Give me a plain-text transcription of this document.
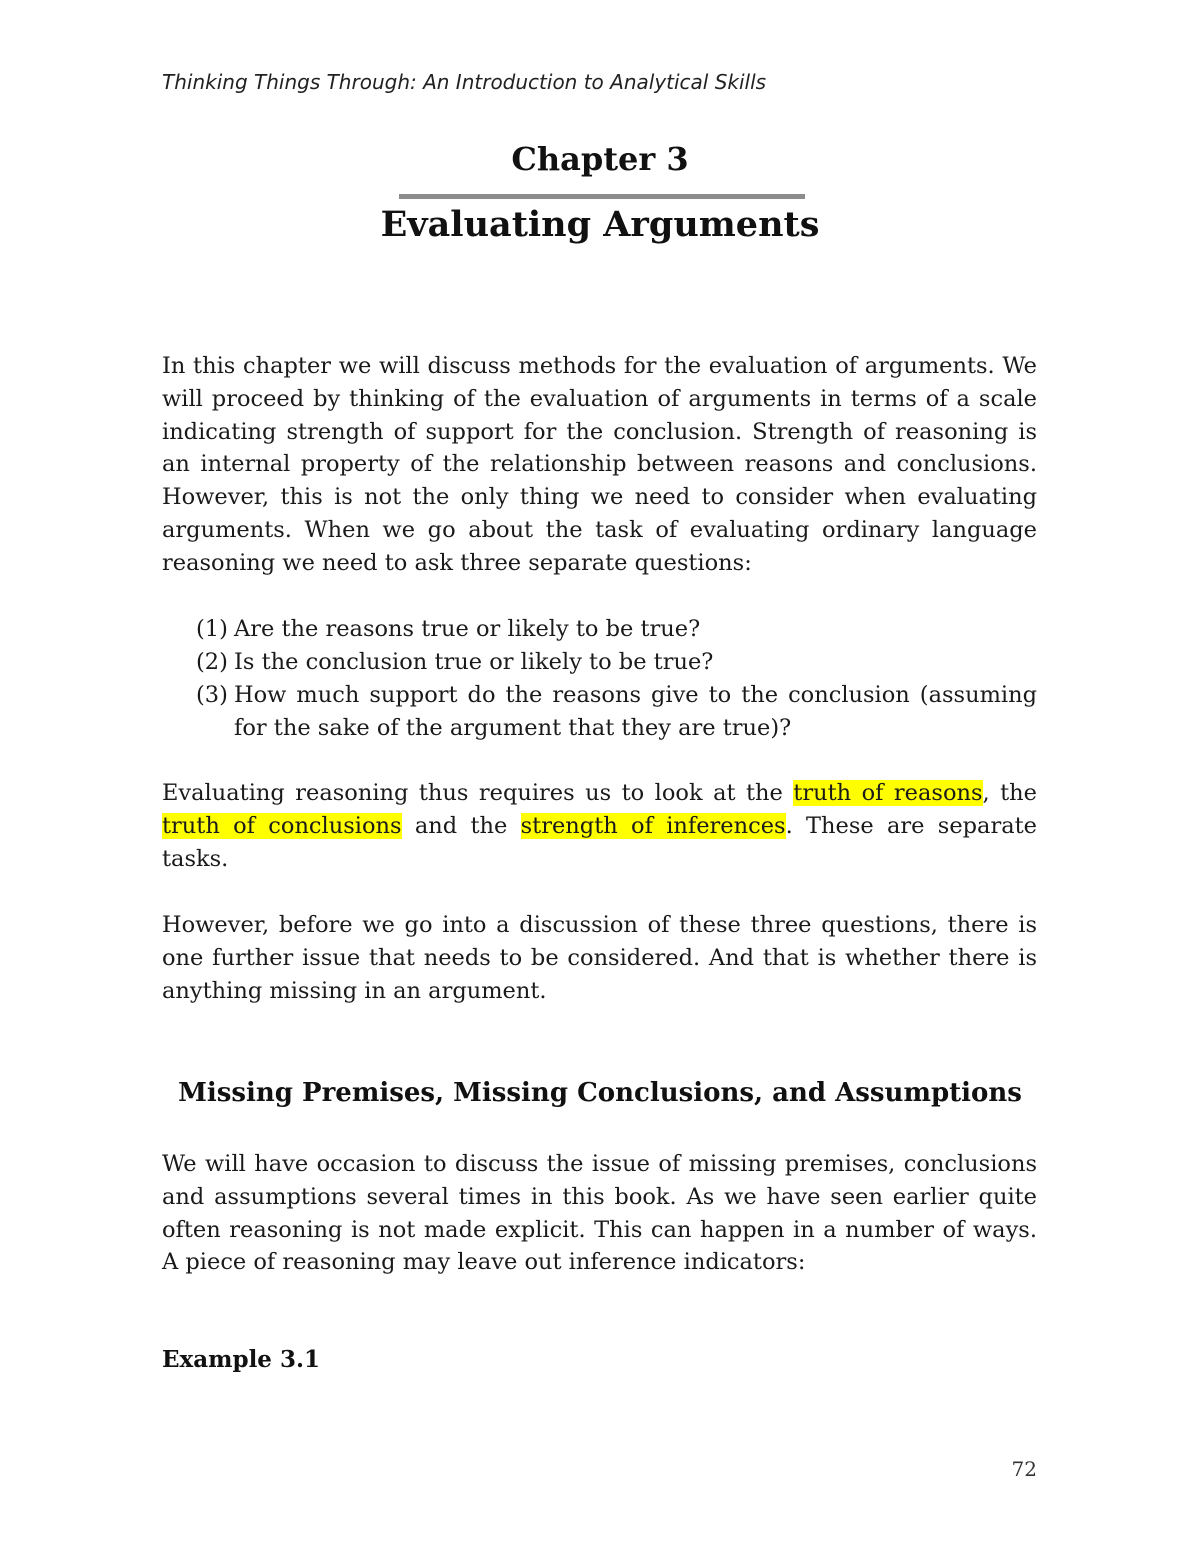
Thinking Things Through: An Introduction to Analytical Skills
Chapter 3
Evaluating Arguments

In this chapter we will discuss methods for the evaluation of arguments. We will proceed by thinking of the evaluation of arguments in terms of a scale indicating strength of support for the conclusion. Strength of reasoning is an internal property of the relationship between reasons and conclusions. However, this is not the only thing we need to consider when evaluating arguments. When we go about the task of evaluating ordinary language reasoning we need to ask three separate questions:

(1) Are the reasons true or likely to be true?
(2) Is the conclusion true or likely to be true?
(3) How much support do the reasons give to the conclusion (assuming for the sake of the argument that they are true)?

Evaluating reasoning thus requires us to look at the truth of reasons, the truth of conclusions and the strength of inferences. These are separate tasks.

However, before we go into a discussion of these three questions, there is one further issue that needs to be considered. And that is whether there is anything missing in an argument.

Missing Premises, Missing Conclusions, and Assumptions

We will have occasion to discuss the issue of missing premises, conclusions and assumptions several times in this book. As we have seen earlier quite often reasoning is not made explicit. This can happen in a number of ways. A piece of reasoning may leave out inference indicators:

Example 3.1
72
